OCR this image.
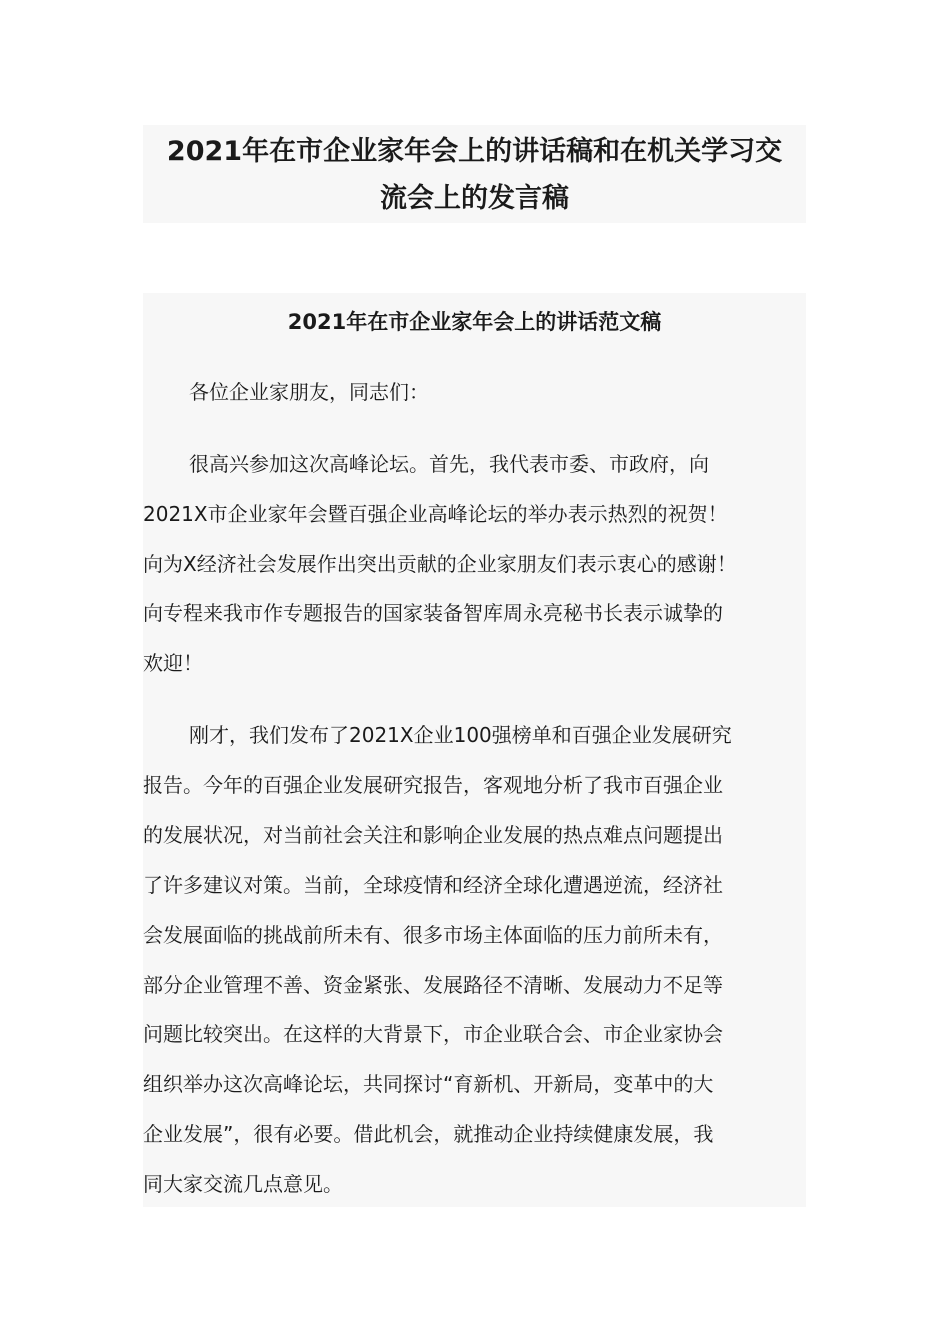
2021年在市企业家年会上的讲话稿和在机关学习交
流会上的发言稿
2021年在市企业家年会上的讲话范文稿
各位企业家朋友，同志们：
很高兴参加这次高峰论坛。首先，我代表市委、市政府，向
2021X市企业家年会暨百强企业高峰论坛的举办表示热烈的祝贺！
向为X经济社会发展作出突出贡献的企业家朋友们表示衷心的感谢！
向专程来我市作专题报告的国家装备智库周永亮秘书长表示诚挚的
欢迎！
刚才，我们发布了2021X企业100强榜单和百强企业发展研究
报告。今年的百强企业发展研究报告，客观地分析了我市百强企业
的发展状况，对当前社会关注和影响企业发展的热点难点问题提出
了许多建议对策。当前，全球疫情和经济全球化遭遇逆流，经济社
会发展面临的挑战前所未有、很多市场主体面临的压力前所未有，
部分企业管理不善、资金紧张、发展路径不清晰、发展动力不足等
问题比较突出。在这样的大背景下，市企业联合会、市企业家协会
组织举办这次高峰论坛，共同探讨“育新机、开新局，变革中的大
企业发展”，很有必要。借此机会，就推动企业持续健康发展，我
同大家交流几点意见。
